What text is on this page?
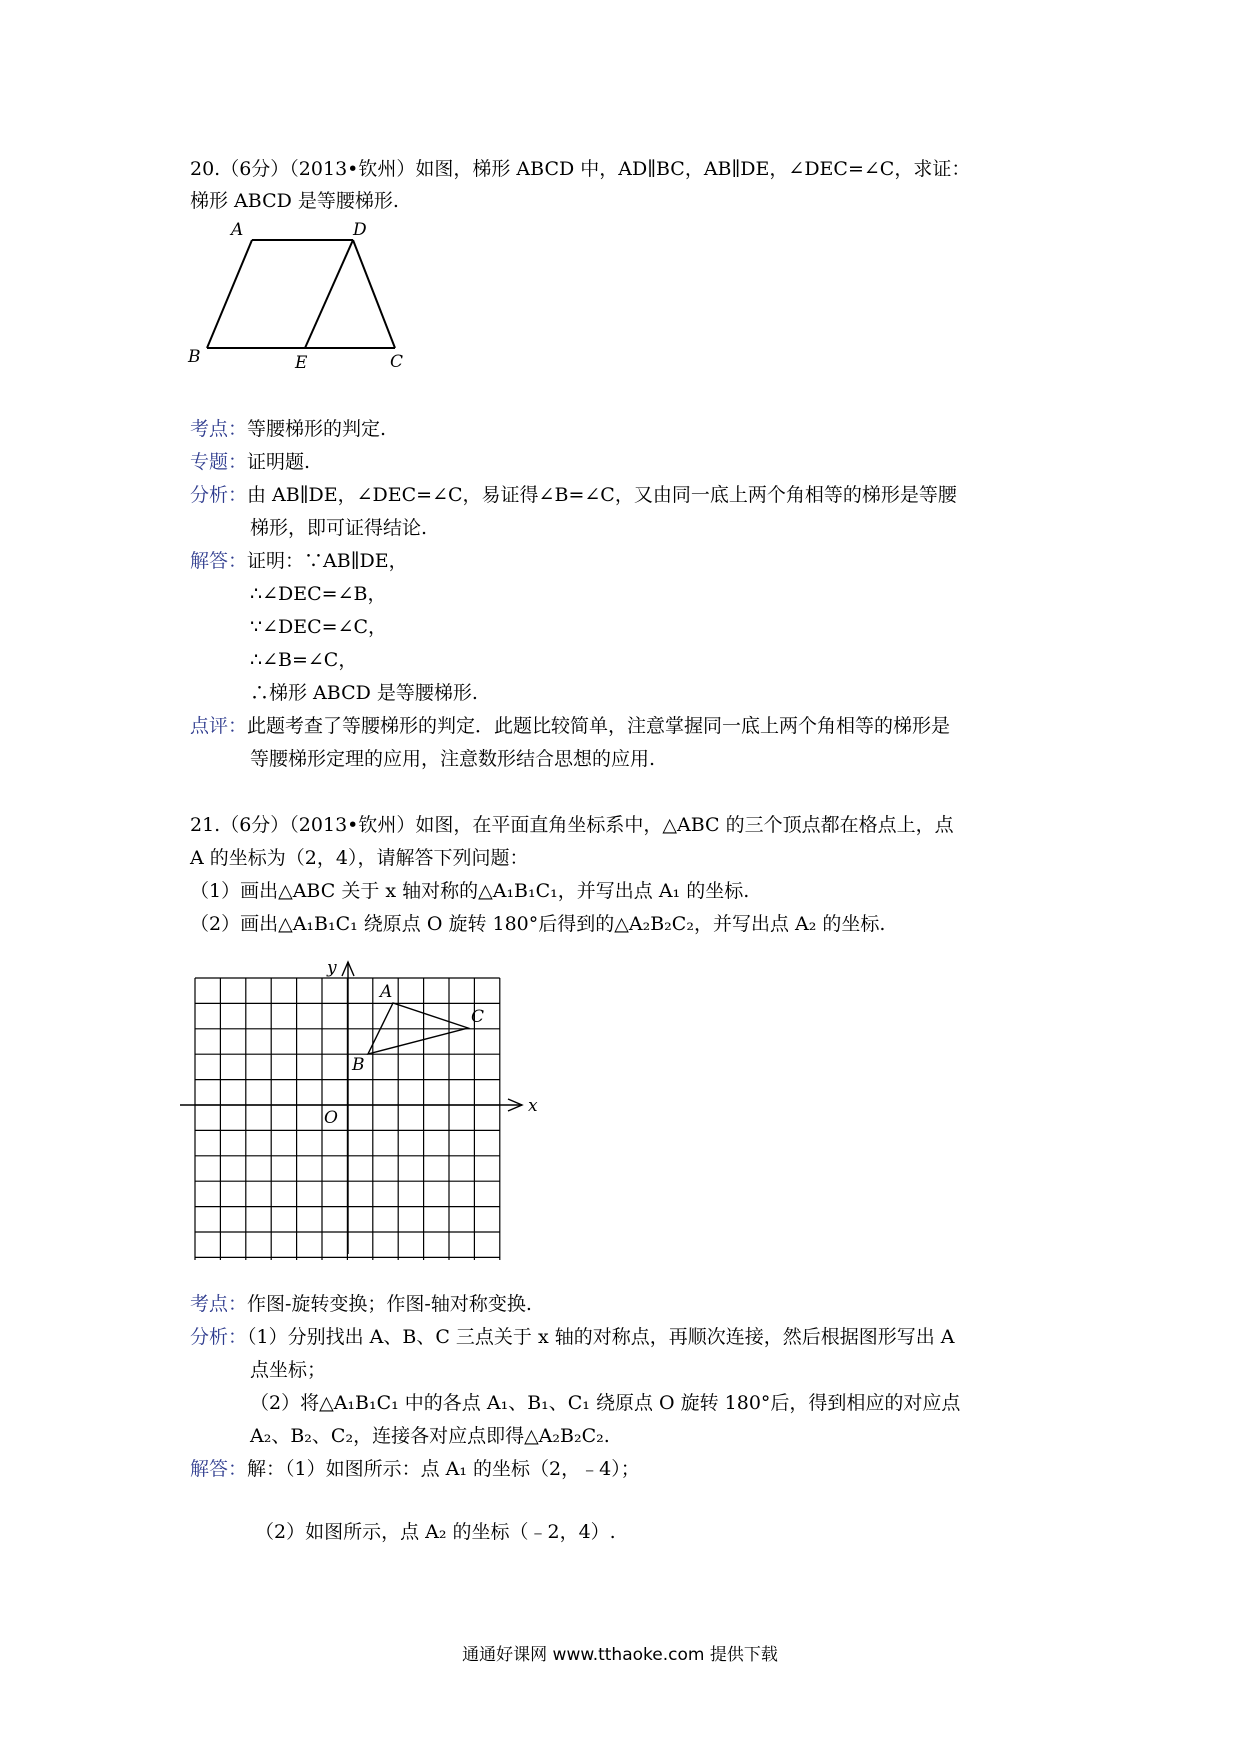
20.（6分）（2013•钦州）如图，梯形 ABCD 中，AD∥BC，AB∥DE，∠DEC=∠C，求证：
梯形 ABCD 是等腰梯形.
A	D
B	E	C
考点：等腰梯形的判定.
专题：证明题.
分析：由 AB∥DE，∠DEC=∠C，易证得∠B=∠C，又由同一底上两个角相等的梯形是等腰
梯形，即可证得结论.
解答：证明：∵AB∥DE，
∴∠DEC=∠B，
∵∠DEC=∠C，
∴∠B=∠C，
∴梯形 ABCD 是等腰梯形.
点评：此题考查了等腰梯形的判定．此题比较简单，注意掌握同一底上两个角相等的梯形是
等腰梯形定理的应用，注意数形结合思想的应用.
21.（6分）（2013•钦州）如图，在平面直角坐标系中，△ABC 的三个顶点都在格点上，点
A 的坐标为（2，4），请解答下列问题：
（1）画出△ABC 关于 x 轴对称的△A₁B₁C₁，并写出点 A₁ 的坐标.
（2）画出△A₁B₁C₁ 绕原点 O 旋转 180°后得到的△A₂B₂C₂，并写出点 A₂ 的坐标.
x
y
O
A
B
C
考点：作图-旋转变换；作图-轴对称变换.
分析：（1）分别找出 A、B、C 三点关于 x 轴的对称点，再顺次连接，然后根据图形写出 A
点坐标；
（2）将△A₁B₁C₁ 中的各点 A₁、B₁、C₁ 绕原点 O 旋转 180°后，得到相应的对应点
A₂、B₂、C₂，连接各对应点即得△A₂B₂C₂.
解答：解：（1）如图所示：点 A₁ 的坐标（2，﹣4）；
（2）如图所示，点 A₂ 的坐标（﹣2，4）.
通通好课网 www.tthaoke.com 提供下载
